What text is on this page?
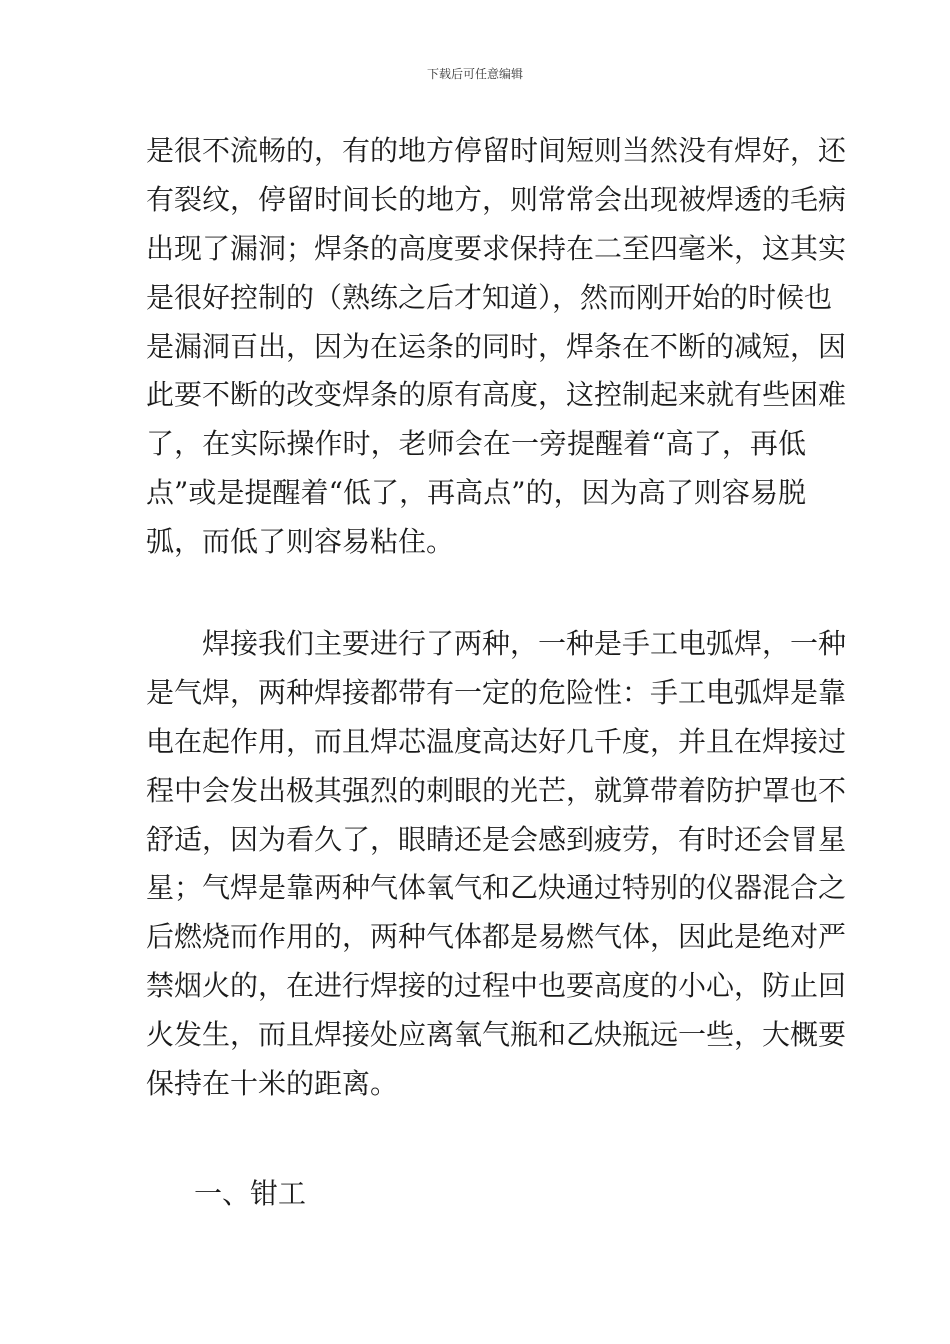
下载后可任意编辑
是很不流畅的，有的地方停留时间短则当然没有焊好，还
有裂纹，停留时间长的地方，则常常会出现被焊透的毛病
出现了漏洞；焊条的高度要求保持在二至四毫米，这其实
是很好控制的（熟练之后才知道），然而刚开始的时候也
是漏洞百出，因为在运条的同时，焊条在不断的减短，因
此要不断的改变焊条的原有高度，这控制起来就有些困难
了，在实际操作时，老师会在一旁提醒着“高了，再低
点”或是提醒着“低了，再高点”的，因为高了则容易脱
弧，而低了则容易粘住。
焊接我们主要进行了两种，一种是手工电弧焊，一种
是气焊，两种焊接都带有一定的危险性：手工电弧焊是靠
电在起作用，而且焊芯温度高达好几千度，并且在焊接过
程中会发出极其强烈的刺眼的光芒，就算带着防护罩也不
舒适，因为看久了，眼睛还是会感到疲劳，有时还会冒星
星；气焊是靠两种气体氧气和乙炔通过特别的仪器混合之
后燃烧而作用的，两种气体都是易燃气体，因此是绝对严
禁烟火的，在进行焊接的过程中也要高度的小心，防止回
火发生，而且焊接处应离氧气瓶和乙炔瓶远一些，大概要
保持在十米的距离。
一、钳工
